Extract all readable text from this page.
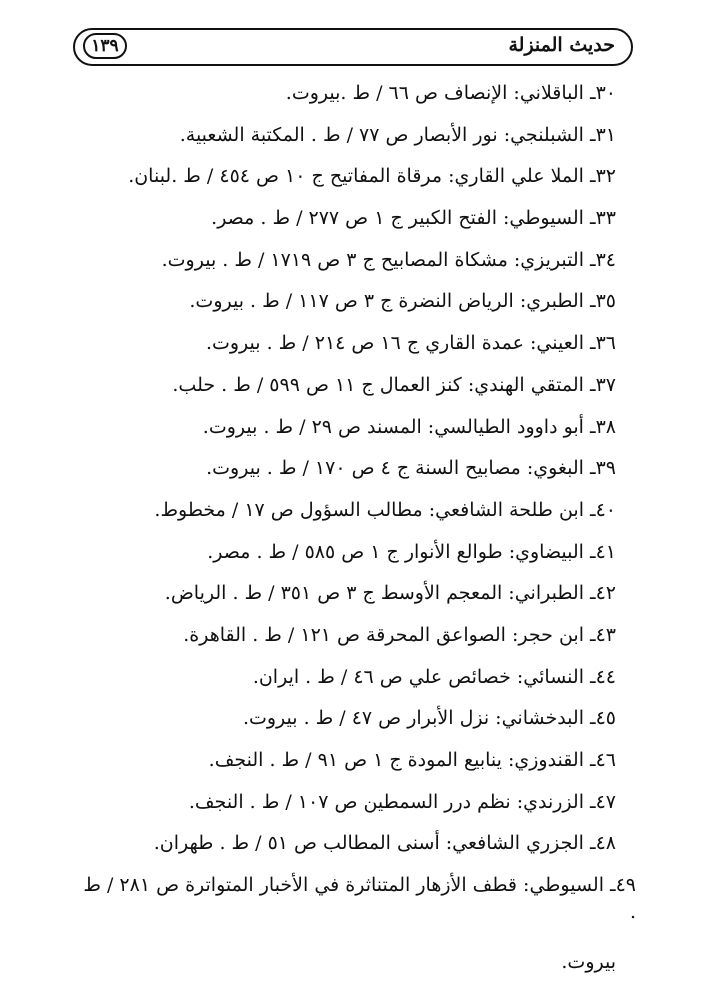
حديث المنزلة
١٣٩
٣٠ـ الباقلاني: الإنصاف ص ٦٦ / ط .بيروت.
٣١ـ الشبلنجي: نور الأبصار ص ٧٧ / ط . المكتبة الشعبية.
٣٢ـ الملا علي القاري: مرقاة المفاتيح ج ١٠ ص ٤٥٤ / ط .لبنان.
٣٣ـ السيوطي: الفتح الكبير ج ١ ص ٢٧٧ / ط . مصر.
٣٤ـ التبريزي: مشكاة المصابيح ج ٣ ص ١٧١٩ / ط . بيروت.
٣٥ـ الطبري: الرياض النضرة ج ٣ ص ١١٧ / ط . بيروت.
٣٦ـ العيني: عمدة القاري ج ١٦ ص ٢١٤ / ط . بيروت.
٣٧ـ المتقي الهندي: كنز العمال ج ١١ ص ٥٩٩ / ط . حلب.
٣٨ـ أبو داوود الطيالسي: المسند ص ٢٩ / ط . بيروت.
٣٩ـ البغوي: مصابيح السنة ج ٤ ص ١٧٠ / ط . بيروت.
٤٠ـ ابن طلحة الشافعي: مطالب السؤول ص ١٧ / مخطوط.
٤١ـ البيضاوي: طوالع الأنوار ج ١ ص ٥٨٥ / ط . مصر.
٤٢ـ الطبراني: المعجم الأوسط ج ٣ ص ٣٥١ / ط . الرياض.
٤٣ـ ابن حجر: الصواعق المحرقة ص ١٢١ / ط . القاهرة.
٤٤ـ النسائي: خصائص علي ص ٤٦ / ط . ايران.
٤٥ـ البدخشاني: نزل الأبرار ص ٤٧ / ط . بيروت.
٤٦ـ القندوزي: ينابيع المودة ج ١ ص ٩١ / ط . النجف.
٤٧ـ الزرندي: نظم درر السمطين ص ١٠٧ / ط . النجف.
٤٨ـ الجزري الشافعي: أسنى المطالب ص ٥١ / ط . طهران.
٤٩ـ السيوطي: قطف الأزهار المتناثرة في الأخبار المتواترة ص ٢٨١ / ط .
بيروت.
